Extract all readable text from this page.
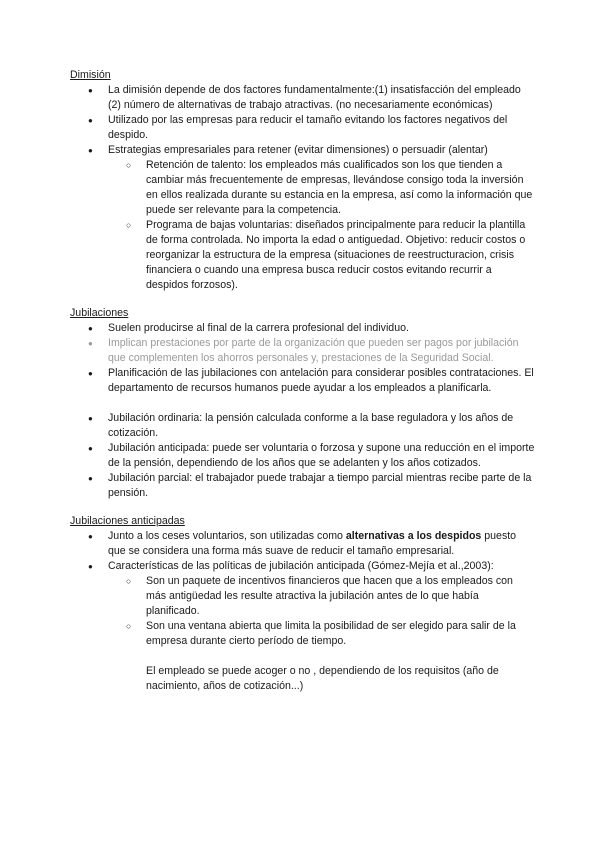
Dimisión
● La dimisión depende de dos factores fundamentalmente:(1) insatisfacción del empleado (2) número de alternativas de trabajo atractivas. (no necesariamente económicas)
● Utilizado por las empresas para reducir el tamaño evitando los factores negativos del despido.
● Estrategias empresariales para retener (evitar dimensiones) o persuadir (alentar)
○ Retención de talento: los empleados más cualificados son los que tienden a cambiar más frecuentemente de empresas, llevándose consigo toda la inversión en ellos realizada durante su estancia en la empresa, así como la información que puede ser relevante para la competencia.
○ Programa de bajas voluntarias: diseñados principalmente para reducir la plantilla de forma controlada. No importa la edad o antiguedad. Objetivo: reducir costos o reorganizar la estructura de la empresa (situaciones de reestructuracion, crisis financiera o cuando una empresa busca reducir costos evitando recurrir a despidos forzosos).
Jubilaciones
● Suelen producirse al final de la carrera profesional del individuo.
● Implican prestaciones por parte de la organización que pueden ser pagos por jubilación que complementen los ahorros personales y, prestaciones de la Seguridad Social.
● Planificación de las jubilaciones con antelación para considerar posibles contrataciones. El departamento de recursos humanos puede ayudar a los empleados a planificarla.
● Jubilación ordinaria: la pensión calculada conforme a la base reguladora y los años de cotización.
● Jubilación anticipada: puede ser voluntaria o forzosa y supone una reducción en el importe de la pensión, dependiendo de los años que se adelanten y los años cotizados.
● Jubilación parcial: el trabajador puede trabajar a tiempo parcial mientras recibe parte de la pensión.
Jubilaciones anticipadas
● Junto a los ceses voluntarios, son utilizadas como alternativas a los despidos puesto que se considera una forma más suave de reducir el tamaño empresarial.
● Características de las políticas de jubilación anticipada (Gómez-Mejía et al.,2003):
○ Son un paquete de incentivos financieros que hacen que a los empleados con más antigüedad les resulte atractiva la jubilación antes de lo que había planificado.
○ Son una ventana abierta que limita la posibilidad de ser elegido para salir de la empresa durante cierto período de tiempo.
El empleado se puede acoger o no , dependiendo de los requisitos (año de nacimiento, años de cotización...)
